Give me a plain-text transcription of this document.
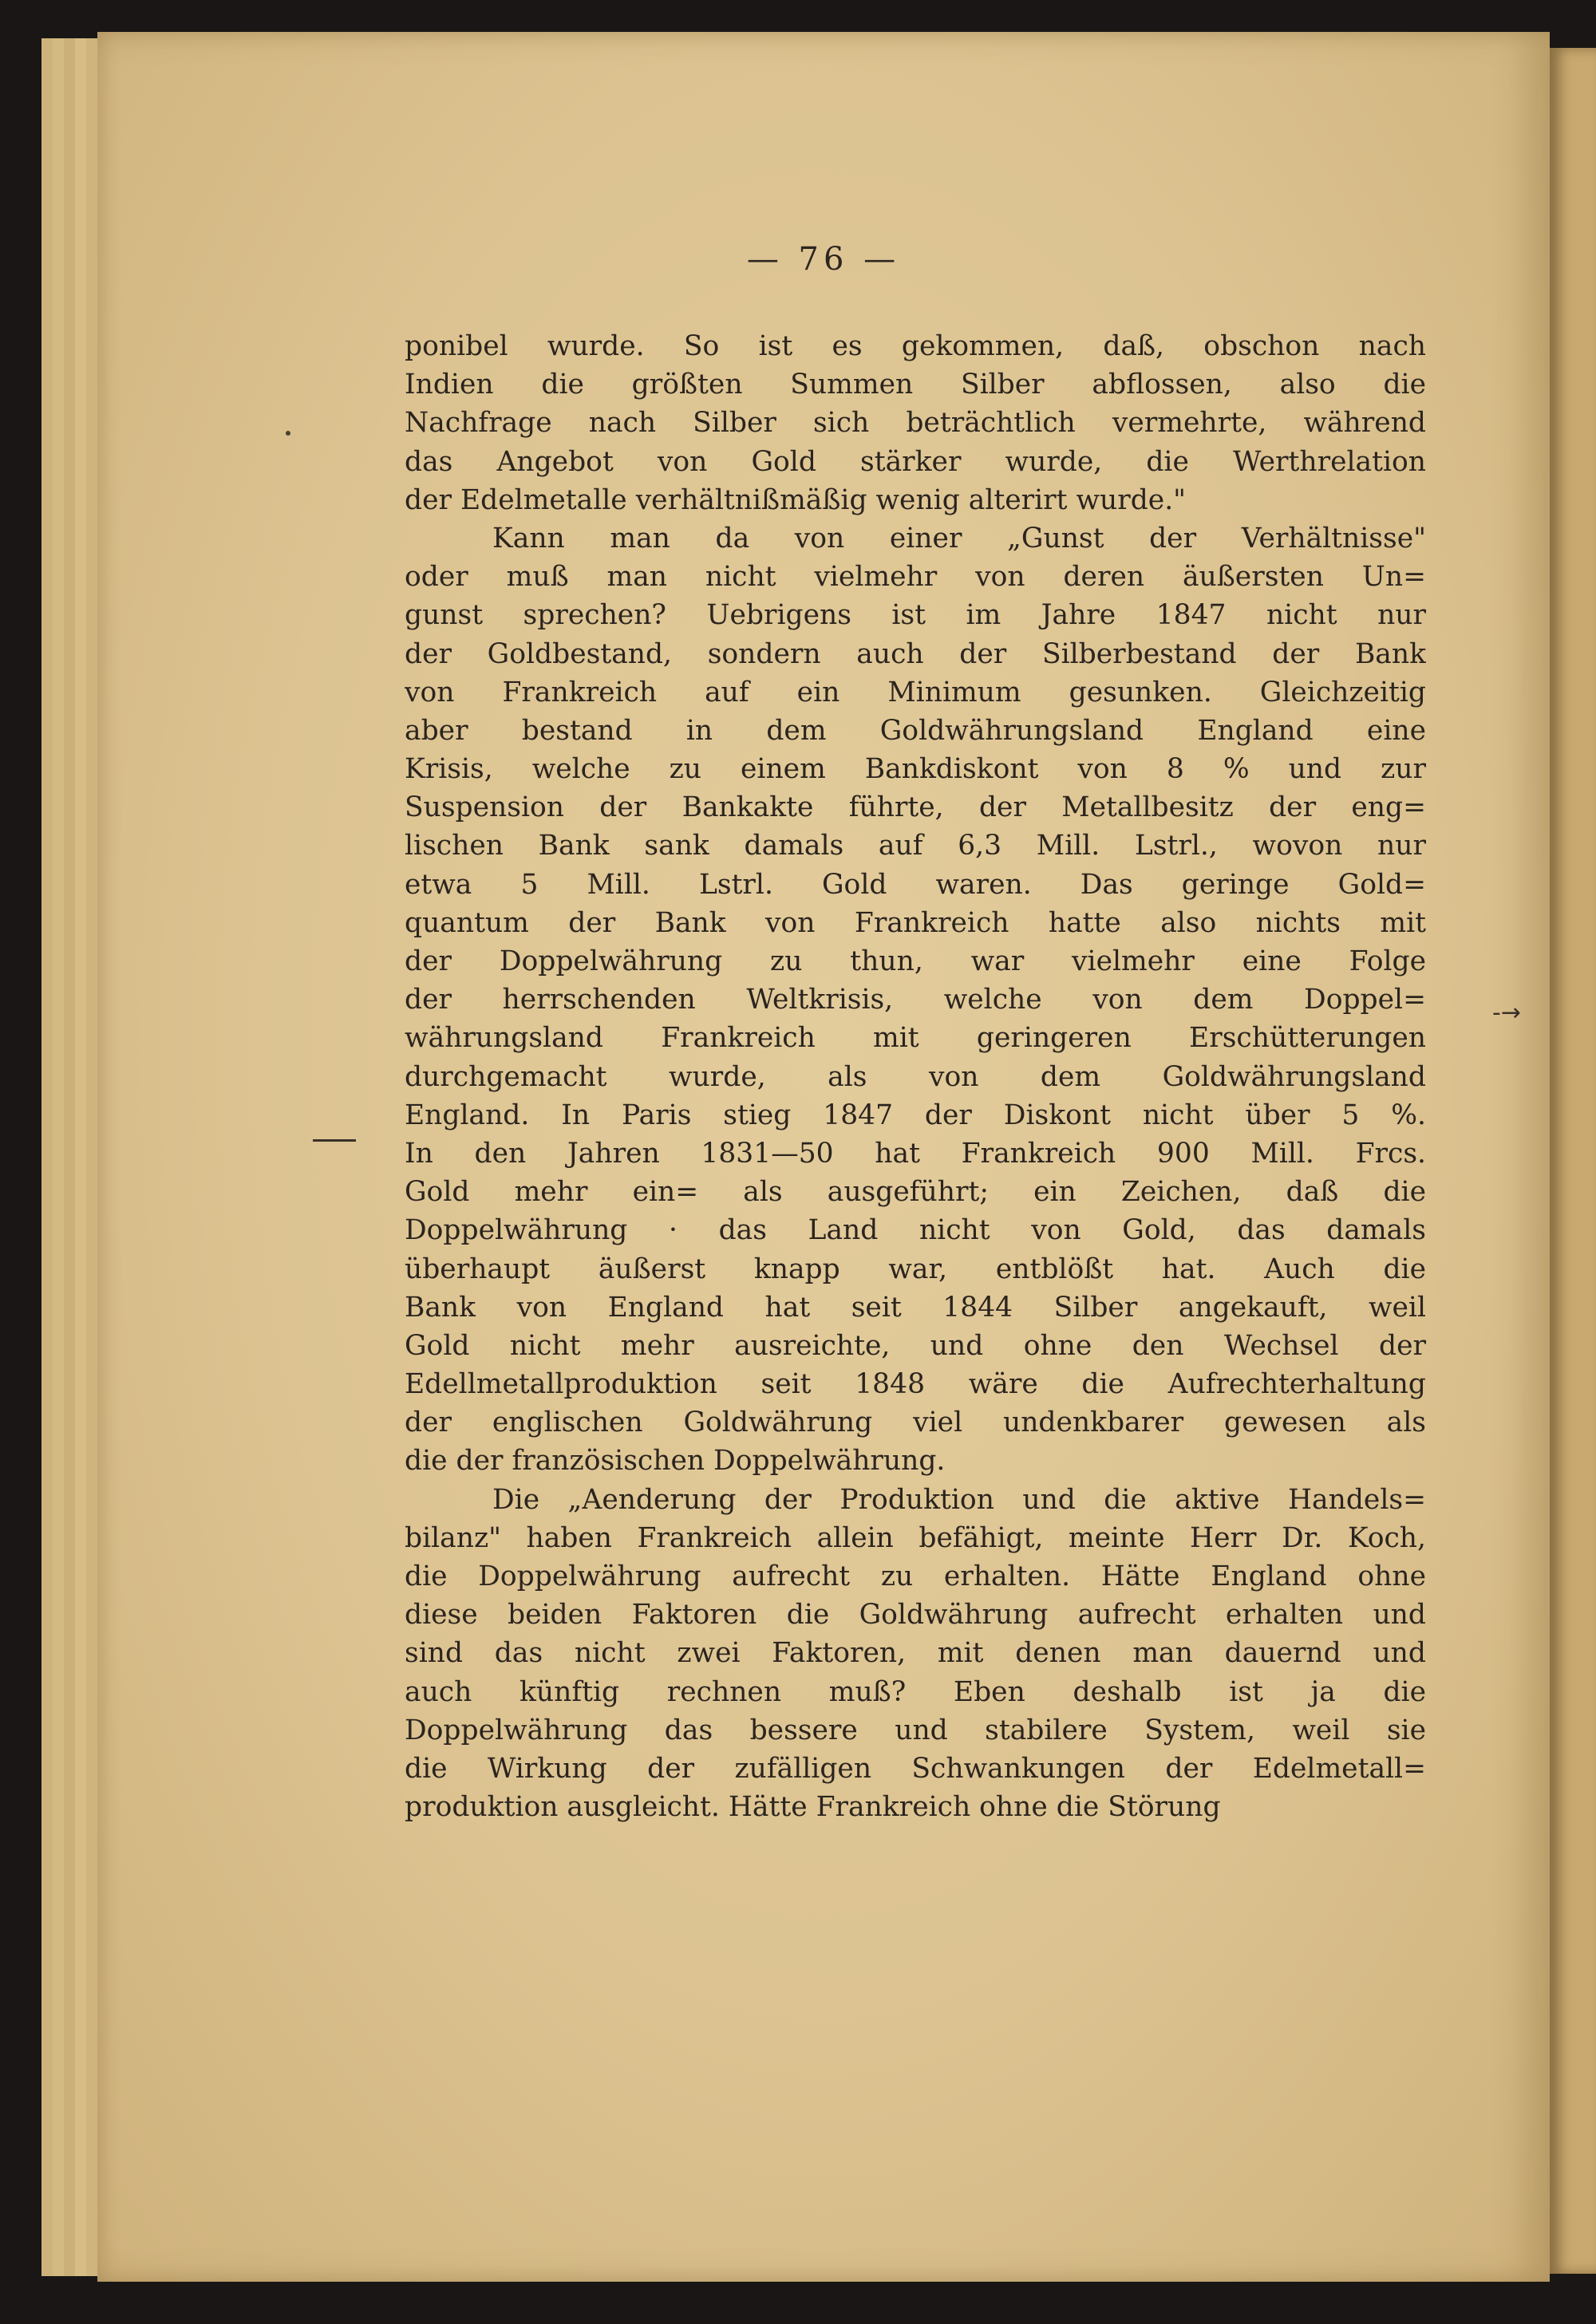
— 76 —
ponibel wurde. So ist es gekommen, daß, obschon nach
Indien die größten Summen Silber abflossen, also die
Nachfrage nach Silber sich beträchtlich vermehrte, während
das Angebot von Gold stärker wurde, die Werthrelation
der Edelmetalle verhältnißmäßig wenig alterirt wurde."
Kann man da von einer „Gunst der Verhältnisse"
oder muß man nicht vielmehr von deren äußersten Un=
gunst sprechen? Uebrigens ist im Jahre 1847 nicht nur
der Goldbestand, sondern auch der Silberbestand der Bank
von Frankreich auf ein Minimum gesunken. Gleichzeitig
aber bestand in dem Goldwährungsland England eine
Krisis, welche zu einem Bankdiskont von 8 % und zur
Suspension der Bankakte führte, der Metallbesitz der eng=
lischen Bank sank damals auf 6,3 Mill. Lstrl., wovon nur
etwa 5 Mill. Lstrl. Gold waren. Das geringe Gold=
quantum der Bank von Frankreich hatte also nichts mit
der Doppelwährung zu thun, war vielmehr eine Folge
der herrschenden Weltkrisis, welche von dem Doppel=
währungsland Frankreich mit geringeren Erschütterungen
durchgemacht wurde, als von dem Goldwährungsland
England. In Paris stieg 1847 der Diskont nicht über 5 %.
In den Jahren 1831—50 hat Frankreich 900 Mill. Frcs.
Gold mehr ein= als ausgeführt; ein Zeichen, daß die
Doppelwährung · das Land nicht von Gold, das damals
überhaupt äußerst knapp war, entblößt hat. Auch die
Bank von England hat seit 1844 Silber angekauft, weil
Gold nicht mehr ausreichte, und ohne den Wechsel der
Edellmetallproduktion seit 1848 wäre die Aufrechterhaltung
der englischen Goldwährung viel undenkbarer gewesen als
die der französischen Doppelwährung.
Die „Aenderung der Produktion und die aktive Handels=
bilanz" haben Frankreich allein befähigt, meinte Herr Dr. Koch,
die Doppelwährung aufrecht zu erhalten. Hätte England ohne
diese beiden Faktoren die Goldwährung aufrecht erhalten und
sind das nicht zwei Faktoren, mit denen man dauernd und
auch künftig rechnen muß? Eben deshalb ist ja die
Doppelwährung das bessere und stabilere System, weil sie
die Wirkung der zufälligen Schwankungen der Edelmetall=
produktion ausgleicht. Hätte Frankreich ohne die Störung
-→
